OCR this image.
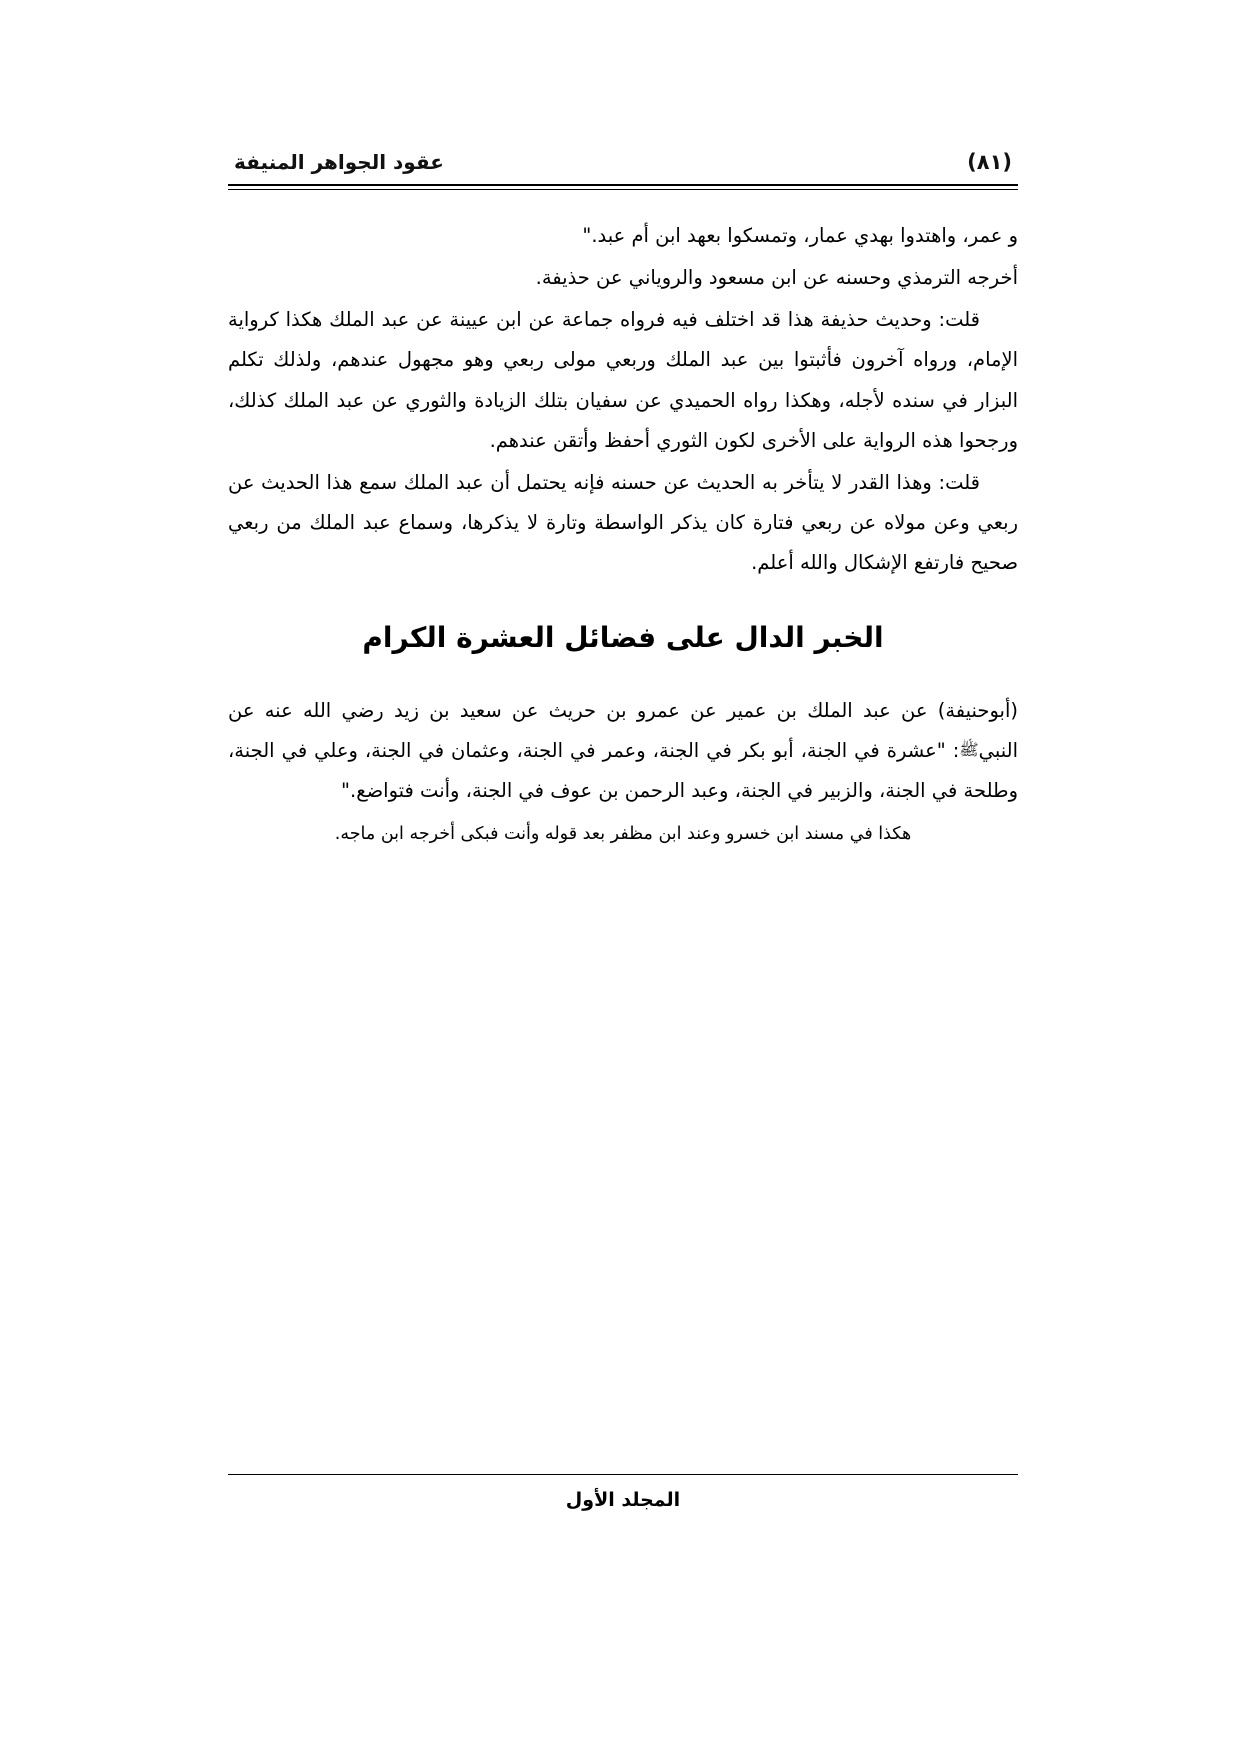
عقود الجواهر المنيفة	(٨١)

و عمر، واهتدوا بهدي عمار، وتمسكوا بعهد ابن أم عبد."

أخرجه الترمذي وحسنه عن ابن مسعود والروياني عن حذيفة.

قلت: وحديث حذيفة هذا قد اختلف فيه فرواه جماعة عن ابن عيينة عن عبد الملك هكذا كرواية الإمام، ورواه آخرون فأثبتوا بين عبد الملك وربعي مولى ربعي وهو مجهول عندهم، ولذلك تكلم البزار في سنده لأجله، وهكذا رواه الحميدي عن سفيان بتلك الزيادة والثوري عن عبد الملك كذلك، ورجحوا هذه الرواية على الأخرى لكون الثوري أحفظ وأتقن عندهم.

قلت: وهذا القدر لا يتأخر به الحديث عن حسنه فإنه يحتمل أن عبد الملك سمع هذا الحديث عن ربعي وعن مولاه عن ربعي فتارة كان يذكر الواسطة وتارة لا يذكرها، وسماع عبد الملك من ربعي صحيح فارتفع الإشكال والله أعلم.

الخبر الدال على فضائل العشرة الكرام

(أبوحنيفة) عن عبد الملك بن عمير عن عمرو بن حريث عن سعيد بن زيد رضي الله عنه عن النبيﷺ: "عشرة في الجنة، أبو بكر في الجنة، وعمر في الجنة، وعثمان في الجنة، وعلي في الجنة، وطلحة في الجنة، والزبير في الجنة، وعبد الرحمن بن عوف في الجنة، وأنت فتواضع."

هكذا في مسند ابن خسرو وعند ابن مظفر بعد قوله وأنت فبكى أخرجه ابن ماجه.

المجلد الأول
